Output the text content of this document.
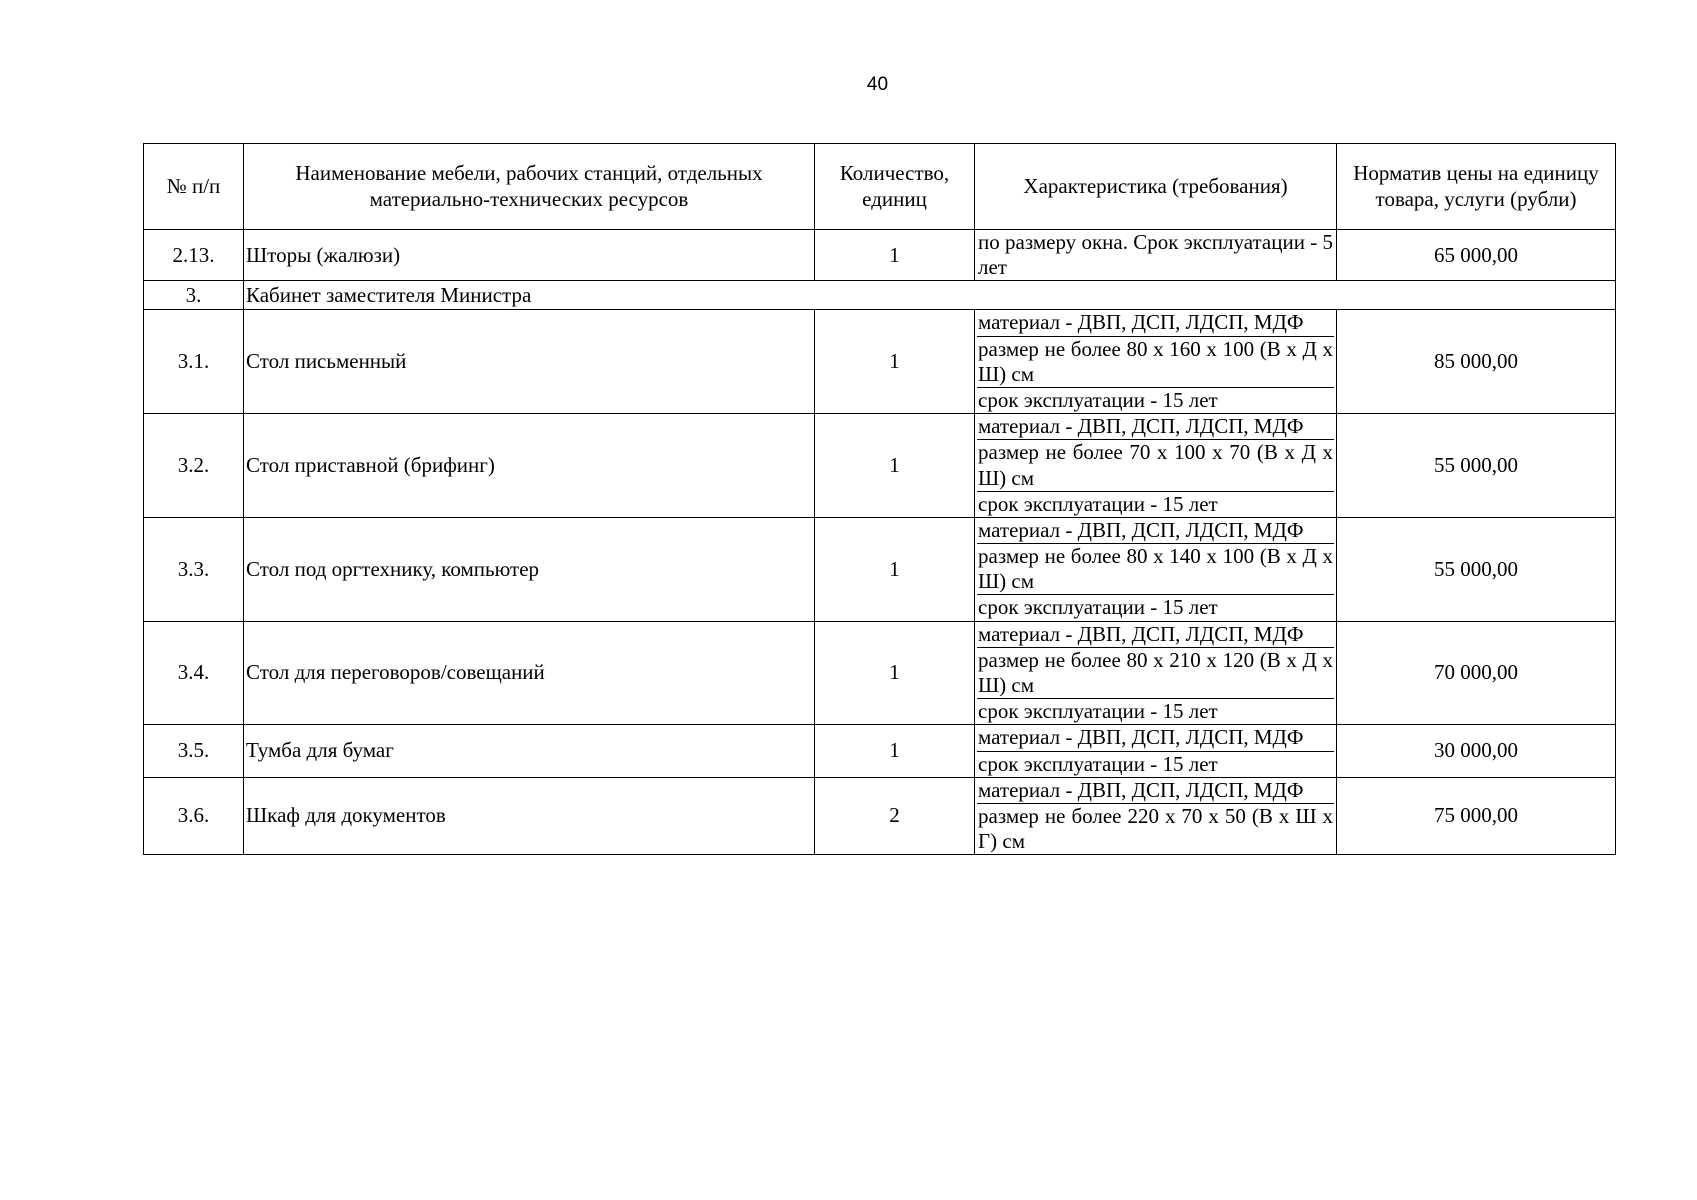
40
№ п/п	Наименование мебели, рабочих станций, отдельных материально-технических ресурсов	Количество, единиц	Характеристика (требования)	Норматив цены на единицу товара, услуги (рубли)
2.13.	Шторы (жалюзи)	1	по размеру окна. Срок эксплуатации - 5 лет	65 000,00
3.	Кабинет заместителя Министра			
3.1.	Стол письменный	1	материал - ДВП, ДСП, ЛДСП, МДФ
размер не более 80 х 160 х 100 (В х Д х Ш) см
срок эксплуатации - 15 лет	85 000,00
3.2.	Стол приставной (брифинг)	1	материал - ДВП, ДСП, ЛДСП, МДФ
размер не более 70 х 100 х 70 (В х Д х Ш) см
срок эксплуатации - 15 лет	55 000,00
3.3.	Стол под оргтехнику, компьютер	1	материал - ДВП, ДСП, ЛДСП, МДФ
размер не более 80 х 140 х 100 (В х Д х Ш) см
срок эксплуатации - 15 лет	55 000,00
3.4.	Стол для переговоров/совещаний	1	материал - ДВП, ДСП, ЛДСП, МДФ
размер не более 80 х 210 х 120 (В х Д х Ш) см
срок эксплуатации - 15 лет	70 000,00
3.5.	Тумба для бумаг	1	материал - ДВП, ДСП, ЛДСП, МДФ
срок эксплуатации - 15 лет	30 000,00
3.6.	Шкаф для документов	2	материал - ДВП, ДСП, ЛДСП, МДФ
размер не более 220 х 70 х 50 (В х Ш х Г) см	75 000,00
